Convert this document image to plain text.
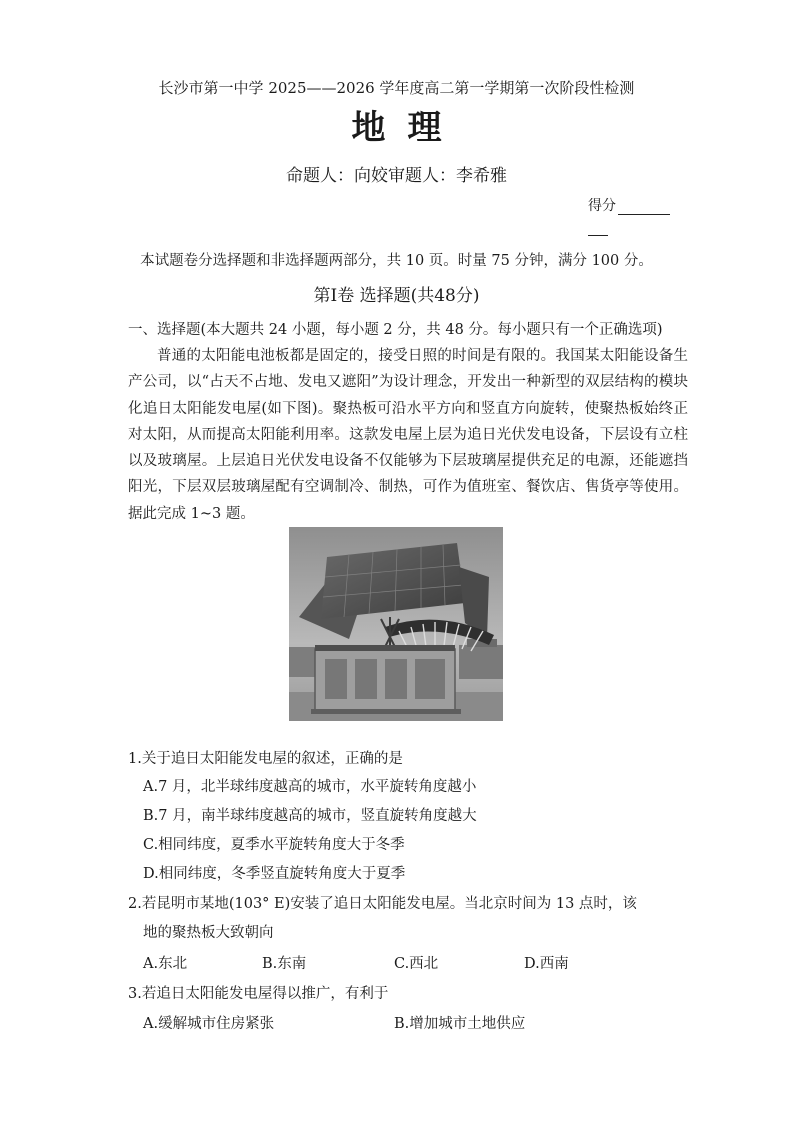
长沙市第一中学 2025——2026 学年度高二第一学期第一次阶段性检测
地理
命题人：向姣审题人：李希雅
得分
本试题卷分选择题和非选择题两部分，共 10 页。时量 75 分钟，满分 100 分。
第Ⅰ卷 选择题(共48分)
一、选择题(本大题共 24 小题，每小题 2 分，共 48 分。每小题只有一个正确选项)
普通的太阳能电池板都是固定的，接受日照的时间是有限的。我国某太阳能设备生产公司，以“占天不占地、发电又遮阳”为设计理念，开发出一种新型的双层结构的模块化追日太阳能发电屋(如下图)。聚热板可沿水平方向和竖直方向旋转，使聚热板始终正对太阳，从而提高太阳能利用率。这款发电屋上层为追日光伏发电设备，下层设有立柱以及玻璃屋。上层追日光伏发电设备不仅能够为下层玻璃屋提供充足的电源，还能遮挡阳光，下层双层玻璃屋配有空调制冷、制热，可作为值班室、餐饮店、售货亭等使用。据此完成 1~3 题。
1.关于追日太阳能发电屋的叙述，正确的是
A.7 月，北半球纬度越高的城市，水平旋转角度越小
B.7 月，南半球纬度越高的城市，竖直旋转角度越大
C.相同纬度，夏季水平旋转角度大于冬季
D.相同纬度，冬季竖直旋转角度大于夏季
2.若昆明市某地(103° E)安装了追日太阳能发电屋。当北京时间为 13 点时，该
地的聚热板大致朝向
A.东北	B.东南	C.西北	D.西南
3.若追日太阳能发电屋得以推广，有利于
A.缓解城市住房紧张	B.增加城市土地供应
